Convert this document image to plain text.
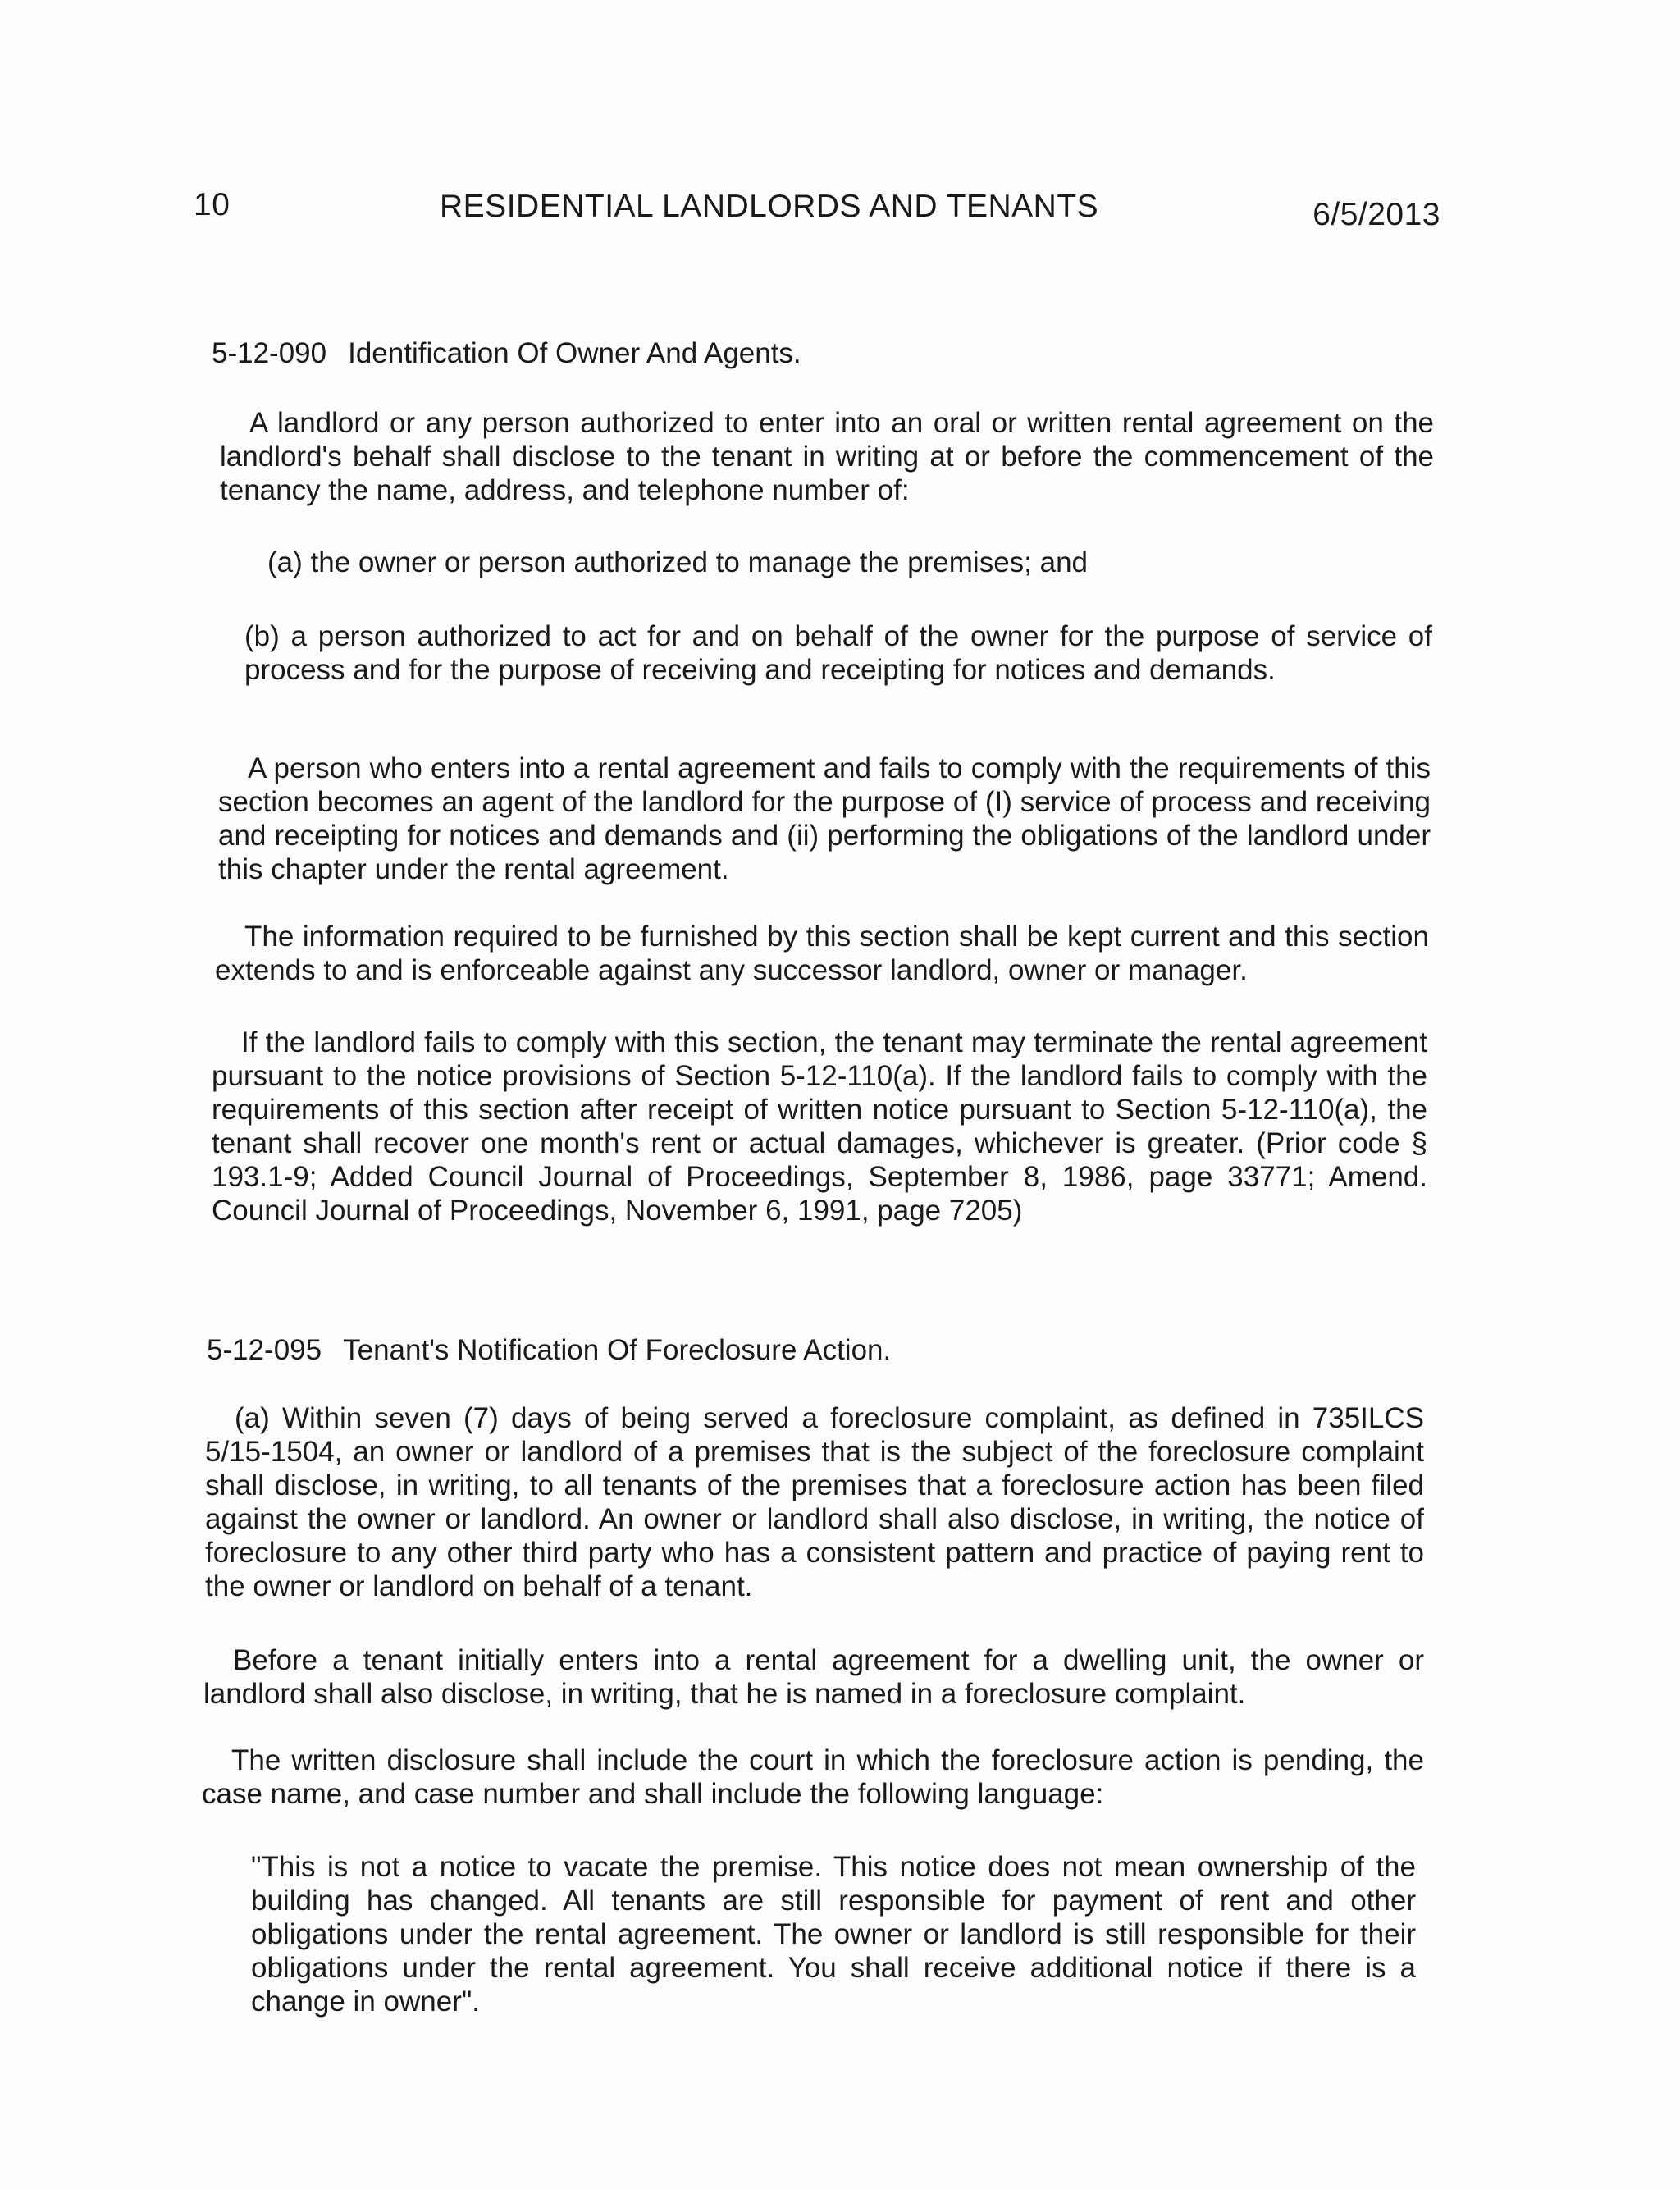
10	RESIDENTIAL LANDLORDS AND TENANTS	6/5/2013
5-12-090 Identification Of Owner And Agents.
A landlord or any person authorized to enter into an oral or written rental agreement on the landlord's behalf shall disclose to the tenant in writing at or before the commencement of the tenancy the name, address, and telephone number of:
(a) the owner or person authorized to manage the premises; and
(b) a person authorized to act for and on behalf of the owner for the purpose of service of process and for the purpose of receiving and receipting for notices and demands.
A person who enters into a rental agreement and fails to comply with the requirements of this section becomes an agent of the landlord for the purpose of (I) service of process and receiving and receipting for notices and demands and (ii) performing the obligations of the landlord under this chapter under the rental agreement.
The information required to be furnished by this section shall be kept current and this section extends to and is enforceable against any successor landlord, owner or manager.
If the landlord fails to comply with this section, the tenant may terminate the rental agreement pursuant to the notice provisions of Section 5-12-110(a). If the landlord fails to comply with the requirements of this section after receipt of written notice pursuant to Section 5-12-110(a), the tenant shall recover one month's rent or actual damages, whichever is greater. (Prior code § 193.1-9; Added Council Journal of Proceedings, September 8, 1986, page 33771; Amend. Council Journal of Proceedings, November 6, 1991, page 7205)
5-12-095 Tenant's Notification Of Foreclosure Action.
(a) Within seven (7) days of being served a foreclosure complaint, as defined in 735ILCS 5/15-1504, an owner or landlord of a premises that is the subject of the foreclosure complaint shall disclose, in writing, to all tenants of the premises that a foreclosure action has been filed against the owner or landlord. An owner or landlord shall also disclose, in writing, the notice of foreclosure to any other third party who has a consistent pattern and practice of paying rent to the owner or landlord on behalf of a tenant.
Before a tenant initially enters into a rental agreement for a dwelling unit, the owner or landlord shall also disclose, in writing, that he is named in a foreclosure complaint.
The written disclosure shall include the court in which the foreclosure action is pending, the case name, and case number and shall include the following language:
"This is not a notice to vacate the premise. This notice does not mean ownership of the building has changed. All tenants are still responsible for payment of rent and other obligations under the rental agreement. The owner or landlord is still responsible for their obligations under the rental agreement. You shall receive additional notice if there is a change in owner".
